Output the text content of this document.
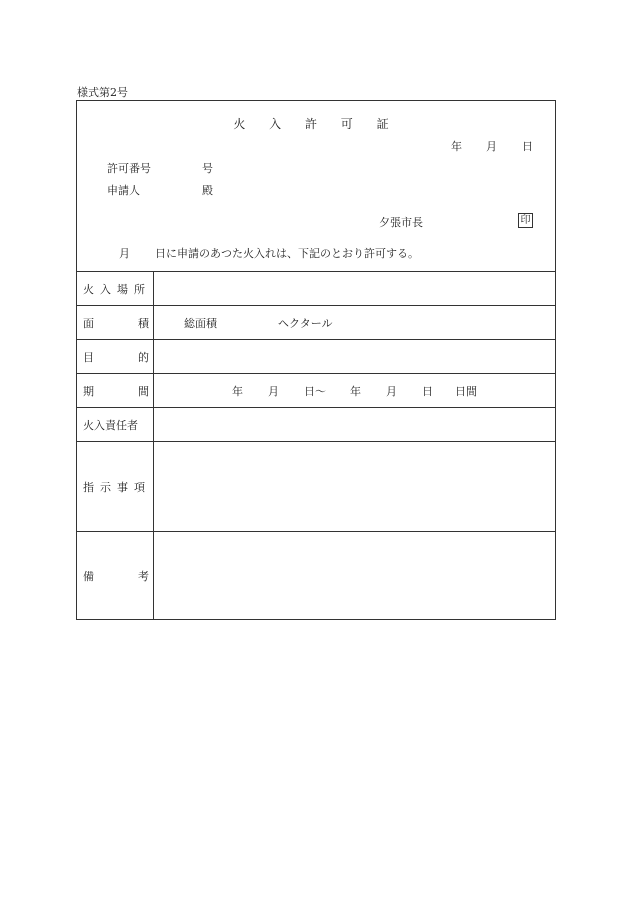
様式第2号
火 入 許 可 証
年 月 日
許可番号	号
申請人	殿
夕張市長	印
月 日に申請のあつた火入れは、下記のとおり許可する。
火 入 場 所
面	積	総面積	ヘクタール
目	的
期	間	年 月 日〜 年 月 日 日間
火入責任者
指 示 事 項
備	考
